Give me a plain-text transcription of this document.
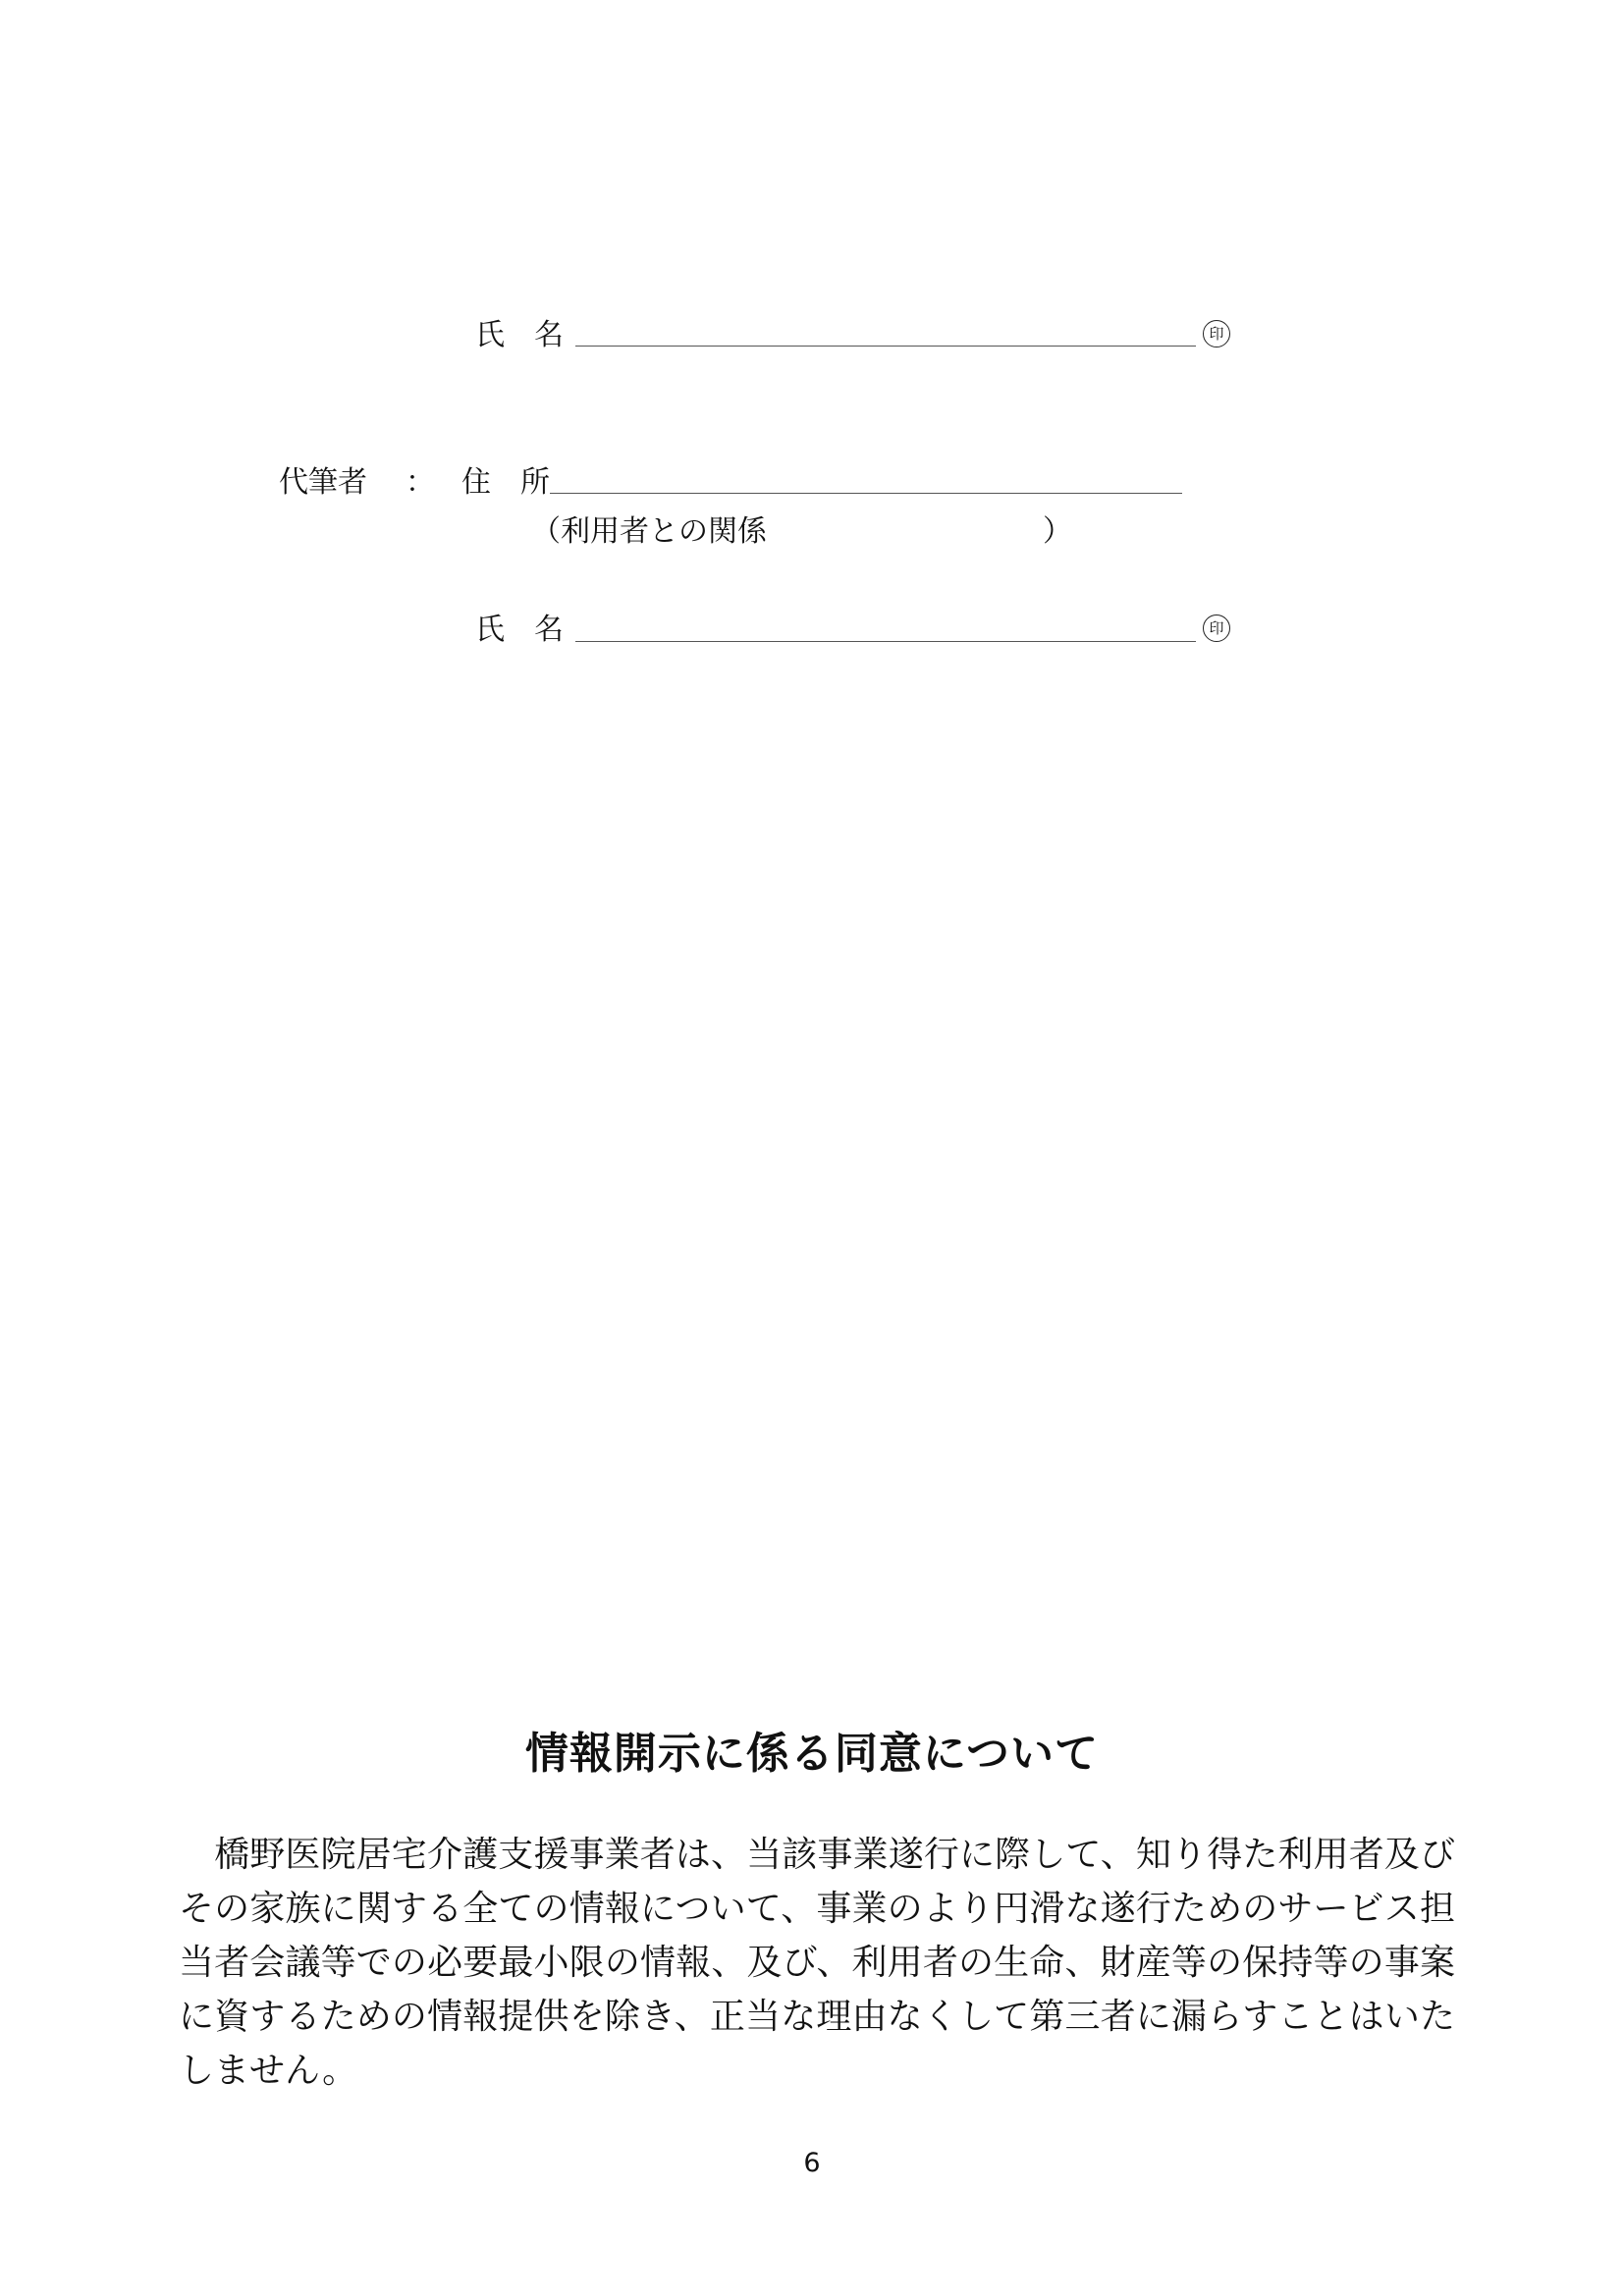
氏　名	印
代筆者 ： 住　所
（利用者との関係	）
氏　名	印
情報開示に係る同意について
　橋野医院居宅介護支援事業者は、当該事業遂行に際して、知り得た利用者及びその家族に関する全ての情報について、事業のより円滑な遂行ためのサービス担当者会議等での必要最小限の情報、及び、利用者の生命、財産等の保持等の事案に資するための情報提供を除き、正当な理由なくして第三者に漏らすことはいたしません。
6
